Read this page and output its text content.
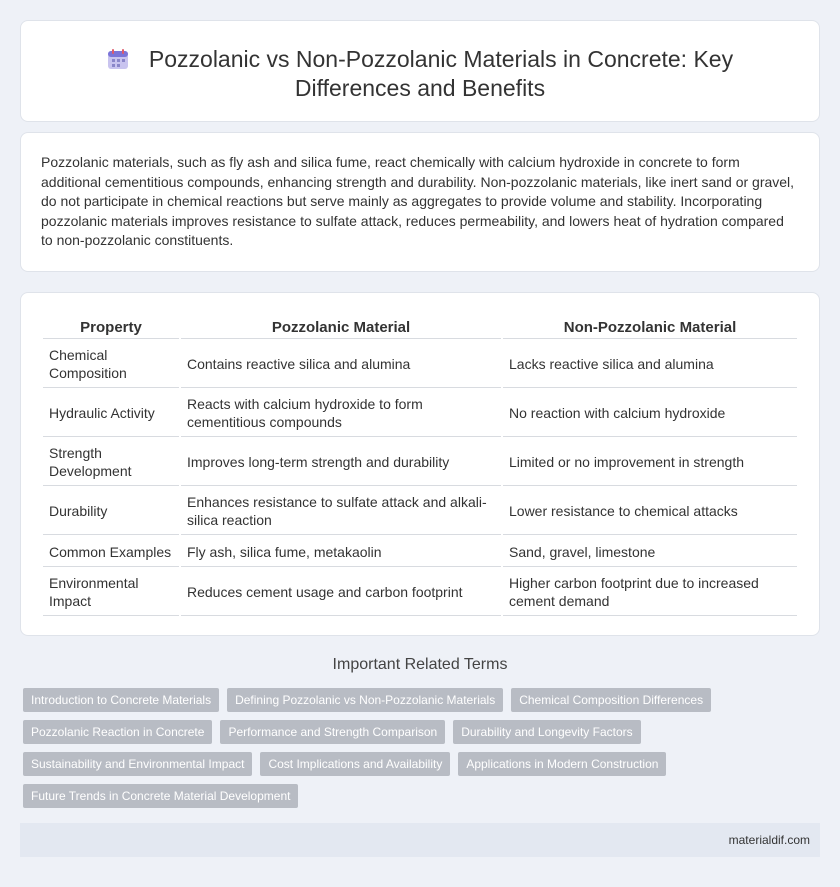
Pozzolanic vs Non-Pozzolanic Materials in Concrete: Key Differences and Benefits

Pozzolanic materials, such as fly ash and silica fume, react chemically with calcium hydroxide in concrete to form additional cementitious compounds, enhancing strength and durability. Non-pozzolanic materials, like inert sand or gravel, do not participate in chemical reactions but serve mainly as aggregates to provide volume and stability. Incorporating pozzolanic materials improves resistance to sulfate attack, reduces permeability, and lowers heat of hydration compared to non-pozzolanic constituents.

Property	Pozzolanic Material	Non-Pozzolanic Material
Chemical Composition	Contains reactive silica and alumina	Lacks reactive silica and alumina
Hydraulic Activity	Reacts with calcium hydroxide to form cementitious compounds	No reaction with calcium hydroxide
Strength Development	Improves long-term strength and durability	Limited or no improvement in strength
Durability	Enhances resistance to sulfate attack and alkali-silica reaction	Lower resistance to chemical attacks
Common Examples	Fly ash, silica fume, metakaolin	Sand, gravel, limestone
Environmental Impact	Reduces cement usage and carbon footprint	Higher carbon footprint due to increased cement demand
Important Related Terms
Introduction to Concrete Materials	Defining Pozzolanic vs Non-Pozzolanic Materials	Chemical Composition Differences
Pozzolanic Reaction in Concrete	Performance and Strength Comparison	Durability and Longevity Factors
Sustainability and Environmental Impact	Cost Implications and Availability	Applications in Modern Construction
Future Trends in Concrete Material Development
materialdif.com
